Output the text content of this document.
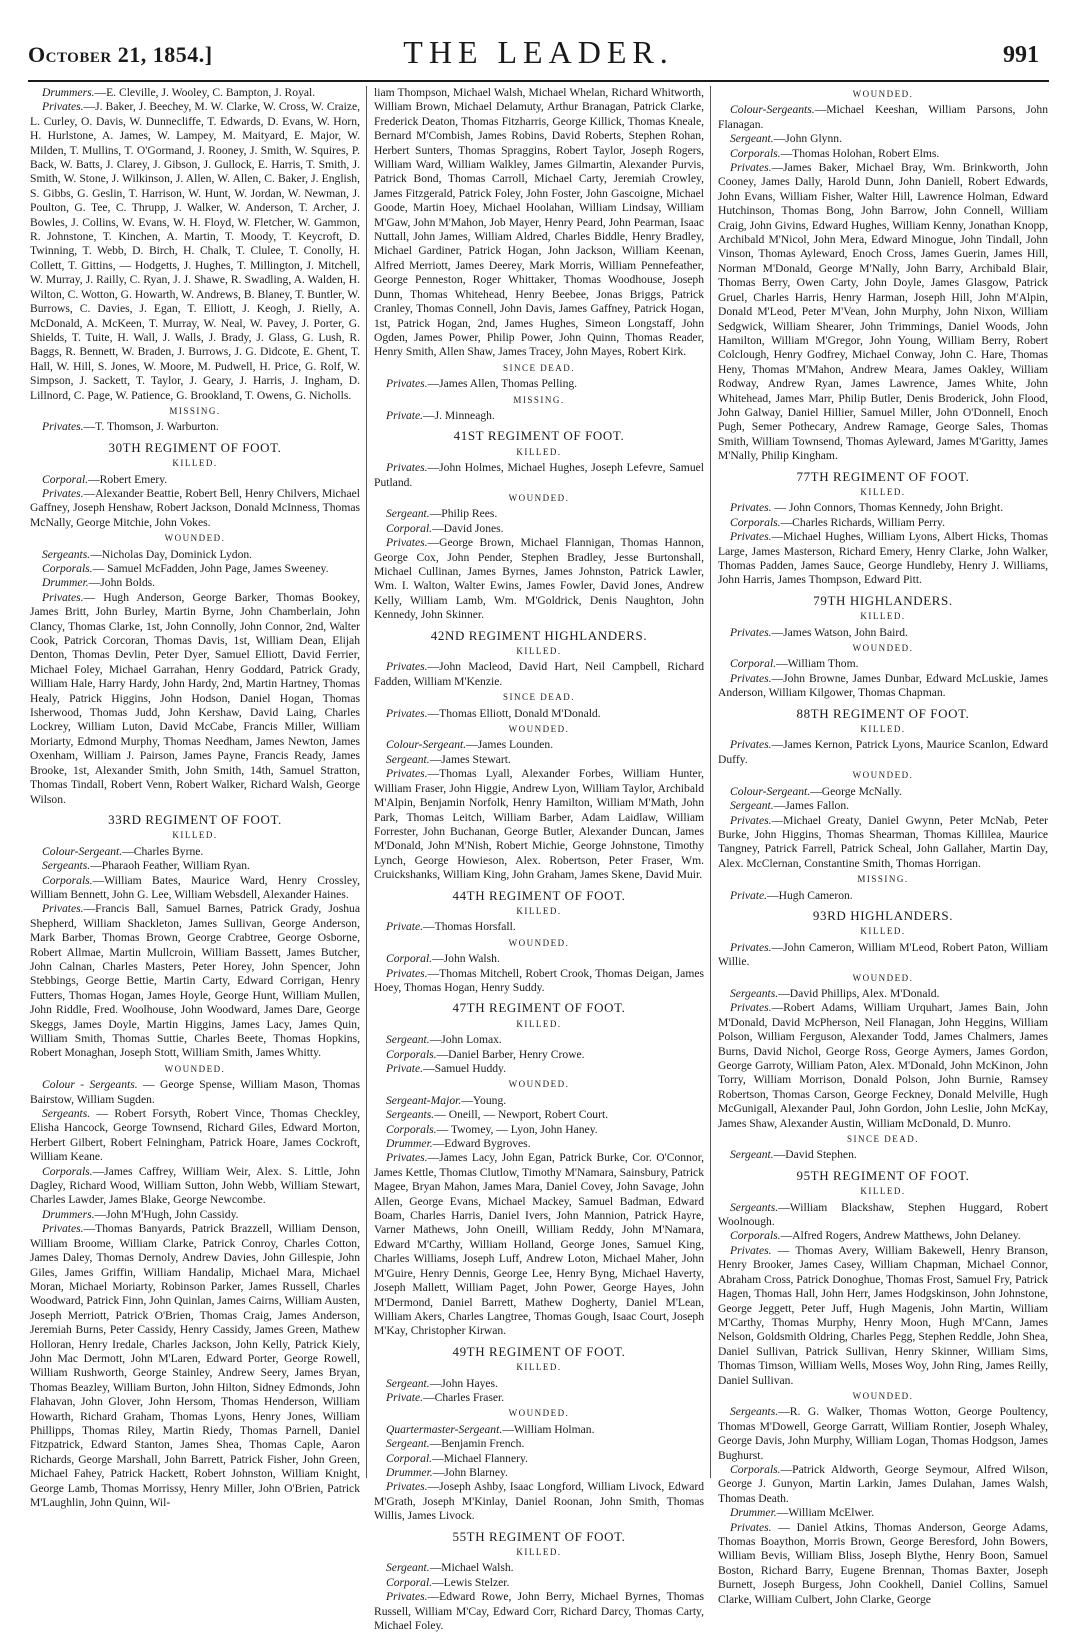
October 21, 1854.]	THE LEADER.	991

Drummers.—E. Cleville, J. Wooley, C. Bampton, J. Royal.

Privates.—J. Baker, J. Beechey, M. W. Clarke, W. Cross, W. Craize, L. Curley, O. Davis, W. Dunnecliffe, T. Edwards, D. Evans, W. Horn, H. Hurlstone, A. James, W. Lampey, M. Maityard, E. Major, W. Milden, T. Mullins, T. O'Gormand, J. Rooney, J. Smith, W. Squires, P. Back, W. Batts, J. Clarey, J. Gibson, J. Gullock, E. Harris, T. Smith, J. Smith, W. Stone, J. Wilkinson, J. Allen, W. Allen, C. Baker, J. English, S. Gibbs, G. Geslin, T. Harrison, W. Hunt, W. Jordan, W. Newman, J. Poulton, G. Tee, C. Thrupp, J. Walker, W. Anderson, T. Archer, J. Bowles, J. Collins, W. Evans, W. H. Floyd, W. Fletcher, W. Gammon, R. Johnstone, T. Kinchen, A. Martin, T. Moody, T. Keycroft, D. Twinning, T. Webb, D. Birch, H. Chalk, T. Clulee, T. Conolly, H. Collett, T. Gittins, — Hodgetts, J. Hughes, T. Millington, J. Mitchell, W. Murray, J. Railly, C. Ryan, J. J. Shawe, R. Swadling, A. Walden, H. Wilton, C. Wotton, G. Howarth, W. Andrews, B. Blaney, T. Buntler, W. Burrows, C. Davies, J. Egan, T. Elliott, J. Keogh, J. Rielly, A. McDonald, A. McKeen, T. Murray, W. Neal, W. Pavey, J. Porter, G. Shields, T. Tuite, H. Wall, J. Walls, J. Brady, J. Glass, G. Lush, R. Baggs, R. Bennett, W. Braden, J. Burrows, J. G. Didcote, E. Ghent, T. Hall, W. Hill, S. Jones, W. Moore, M. Pudwell, H. Price, G. Rolf, W. Simpson, J. Sackett, T. Taylor, J. Geary, J. Harris, J. Ingham, D. Lillnord, C. Page, W. Patience, G. Brookland, T. Owens, G. Nicholls.

MISSING.

Privates.—T. Thomson, J. Warburton.

30TH REGIMENT OF FOOT.
KILLED.

Corporal.—Robert Emery.

Privates.—Alexander Beattie, Robert Bell, Henry Chilvers, Michael Gaffney, Joseph Henshaw, Robert Jackson, Donald McInness, Thomas McNally, George Mitchie, John Vokes.

WOUNDED.

Sergeants.—Nicholas Day, Dominick Lydon.

Corporals.— Samuel McFadden, John Page, James Sweeney.

Drummer.—John Bolds.

Privates.— Hugh Anderson, George Barker, Thomas Bookey, James Britt, John Burley, Martin Byrne, John Chamberlain, John Clancy, Thomas Clarke, 1st, John Connolly, John Connor, 2nd, Walter Cook, Patrick Corcoran, Thomas Davis, 1st, William Dean, Elijah Denton, Thomas Devlin, Peter Dyer, Samuel Elliott, David Ferrier, Michael Foley, Michael Garrahan, Henry Goddard, Patrick Grady, William Hale, Harry Hardy, John Hardy, 2nd, Martin Hartney, Thomas Healy, Patrick Higgins, John Hodson, Daniel Hogan, Thomas Isherwood, Thomas Judd, John Kershaw, David Laing, Charles Lockrey, William Luton, David McCabe, Francis Miller, William Moriarty, Edmond Murphy, Thomas Needham, James Newton, James Oxenham, William J. Pairson, James Payne, Francis Ready, James Brooke, 1st, Alexander Smith, John Smith, 14th, Samuel Stratton, Thomas Tindall, Robert Venn, Robert Walker, Richard Walsh, George Wilson.

33RD REGIMENT OF FOOT.
KILLED.

Colour-Sergeant.—Charles Byrne.

Sergeants.—Pharaoh Feather, William Ryan.

Corporals.—William Bates, Maurice Ward, Henry Crossley, William Bennett, John G. Lee, William Websdell, Alexander Haines.

Privates.—Francis Ball, Samuel Barnes, Patrick Grady, Joshua Shepherd, William Shackleton, James Sullivan, George Anderson, Mark Barber, Thomas Brown, George Crabtree, George Osborne, Robert Allmae, Martin Mullcroin, William Bassett, James Butcher, John Calnan, Charles Masters, Peter Horey, John Spencer, John Stebbings, George Bettie, Martin Carty, Edward Corrigan, Henry Futters, Thomas Hogan, James Hoyle, George Hunt, William Mullen, John Riddle, Fred. Woolhouse, John Woodward, James Dare, George Skeggs, James Doyle, Martin Higgins, James Lacy, James Quin, William Smith, Thomas Suttie, Charles Beete, Thomas Hopkins, Robert Monaghan, Joseph Stott, William Smith, James Whitty.

WOUNDED.

Colour - Sergeants. — George Spense, William Mason, Thomas Bairstow, William Sugden.

Sergeants. — Robert Forsyth, Robert Vince, Thomas Checkley, Elisha Hancock, George Townsend, Richard Giles, Edward Morton, Herbert Gilbert, Robert Felningham, Patrick Hoare, James Cockroft, William Keane.

Corporals.—James Caffrey, William Weir, Alex. S. Little, John Dagley, Richard Wood, William Sutton, John Webb, William Stewart, Charles Lawder, James Blake, George Newcombe.

Drummers.—John M'Hugh, John Cassidy.

Privates.—Thomas Banyards, Patrick Brazzell, William Denson, William Broome, William Clarke, Patrick Conroy, Charles Cotton, James Daley, Thomas Dernoly, Andrew Davies, John Gillespie, John Giles, James Griffin, William Handalip, Michael Mara, Michael Moran, Michael Moriarty, Robinson Parker, James Russell, Charles Woodward, Patrick Finn, John Quinlan, James Cairns, William Austen, Joseph Merriott, Patrick O'Brien, Thomas Craig, James Anderson, Jeremiah Burns, Peter Cassidy, Henry Cassidy, James Green, Mathew Holloran, Henry Iredale, Charles Jackson, John Kelly, Patrick Kiely, John Mac Dermott, John M'Laren, Edward Porter, George Rowell, William Rushworth, George Stainley, Andrew Seery, James Bryan, Thomas Beazley, William Burton, John Hilton, Sidney Edmonds, John Flahavan, John Glover, John Hersom, Thomas Henderson, William Howarth, Richard Graham, Thomas Lyons, Henry Jones, William Phillipps, Thomas Riley, Martin Riedy, Thomas Parnell, Daniel Fitzpatrick, Edward Stanton, James Shea, Thomas Caple, Aaron Richards, George Marshall, John Barrett, Patrick Fisher, John Green, Michael Fahey, Patrick Hackett, Robert Johnston, William Knight, George Lamb, Thomas Morrissy, Henry Miller, John O'Brien, Patrick M'Laughlin, John Quinn, Wil-

liam Thompson, Michael Walsh, Michael Whelan, Richard Whitworth, William Brown, Michael Delamuty, Arthur Branagan, Patrick Clarke, Frederick Deaton, Thomas Fitzharris, George Killick, Thomas Kneale, Bernard M'Combish, James Robins, David Roberts, Stephen Rohan, Herbert Sunters, Thomas Spraggins, Robert Taylor, Joseph Rogers, William Ward, William Walkley, James Gilmartin, Alexander Purvis, Patrick Bond, Thomas Carroll, Michael Carty, Jeremiah Crowley, James Fitzgerald, Patrick Foley, John Foster, John Gascoigne, Michael Goode, Martin Hoey, Michael Hoolahan, William Lindsay, William M'Gaw, John M'Mahon, Job Mayer, Henry Peard, John Pearman, Isaac Nuttall, John James, William Aldred, Charles Biddle, Henry Bradley, Michael Gardiner, Patrick Hogan, John Jackson, William Keenan, Alfred Merriott, James Deerey, Mark Morris, William Pennefeather, George Penneston, Roger Whittaker, Thomas Woodhouse, Joseph Dunn, Thomas Whitehead, Henry Beebee, Jonas Briggs, Patrick Cranley, Thomas Connell, John Davis, James Gaffney, Patrick Hogan, 1st, Patrick Hogan, 2nd, James Hughes, Simeon Longstaff, John Ogden, James Power, Philip Power, John Quinn, Thomas Reader, Henry Smith, Allen Shaw, James Tracey, John Mayes, Robert Kirk.

SINCE DEAD.

Privates.—James Allen, Thomas Pelling.

MISSING.

Private.—J. Minneagh.

41ST REGIMENT OF FOOT.
KILLED.

Privates.—John Holmes, Michael Hughes, Joseph Lefevre, Samuel Putland.

WOUNDED.

Sergeant.—Philip Rees.

Corporal.—David Jones.

Privates.—George Brown, Michael Flannigan, Thomas Hannon, George Cox, John Pender, Stephen Bradley, Jesse Burtonshall, Michael Cullinan, James Byrnes, James Johnston, Patrick Lawler, Wm. I. Walton, Walter Ewins, James Fowler, David Jones, Andrew Kelly, William Lamb, Wm. M'Goldrick, Denis Naughton, John Kennedy, John Skinner.

42ND REGIMENT HIGHLANDERS.
KILLED.

Privates.—John Macleod, David Hart, Neil Campbell, Richard Fadden, William M'Kenzie.

SINCE DEAD.

Privates.—Thomas Elliott, Donald M'Donald.

WOUNDED.

Colour-Sergeant.—James Lounden.

Sergeant.—James Stewart.

Privates.—Thomas Lyall, Alexander Forbes, William Hunter, William Fraser, John Higgie, Andrew Lyon, William Taylor, Archibald M'Alpin, Benjamin Norfolk, Henry Hamilton, William M'Math, John Park, Thomas Leitch, William Barber, Adam Laidlaw, William Forrester, John Buchanan, George Butler, Alexander Duncan, James M'Donald, John M'Nish, Robert Michie, George Johnstone, Timothy Lynch, George Howieson, Alex. Robertson, Peter Fraser, Wm. Cruickshanks, William King, John Graham, James Skene, David Muir.

44TH REGIMENT OF FOOT.
KILLED.

Private.—Thomas Horsfall.

WOUNDED.

Corporal.—John Walsh.

Privates.—Thomas Mitchell, Robert Crook, Thomas Deigan, James Hoey, Thomas Hogan, Henry Suddy.

47TH REGIMENT OF FOOT.
KILLED.

Sergeant.—John Lomax.

Corporals.—Daniel Barber, Henry Crowe.

Private.—Samuel Huddy.

WOUNDED.

Sergeant-Major.—Young.

Sergeants.— Oneill, — Newport, Robert Court.

Corporals.— Twomey, — Lyon, John Haney.

Drummer.—Edward Bygroves.

Privates.—James Lacy, John Egan, Patrick Burke, Cor. O'Connor, James Kettle, Thomas Clutlow, Timothy M'Namara, Sainsbury, Patrick Magee, Bryan Mahon, James Mara, Daniel Covey, John Savage, John Allen, George Evans, Michael Mackey, Samuel Badman, Edward Boam, Charles Harris, Daniel Ivers, John Mannion, Patrick Hayre, Varner Mathews, John Oneill, William Reddy, John M'Namara, Edward M'Carthy, William Holland, George Jones, Samuel King, Charles Williams, Joseph Luff, Andrew Loton, Michael Maher, John M'Guire, Henry Dennis, George Lee, Henry Byng, Michael Haverty, Joseph Mallett, William Paget, John Power, George Hayes, John M'Dermond, Daniel Barrett, Mathew Dogherty, Daniel M'Lean, William Akers, Charles Langtree, Thomas Gough, Isaac Court, Joseph M'Kay, Christopher Kirwan.

49TH REGIMENT OF FOOT.
KILLED.

Sergeant.—John Hayes.

Private.—Charles Fraser.

WOUNDED.

Quartermaster-Sergeant.—William Holman.

Sergeant.—Benjamin French.

Corporal.—Michael Flannery.

Drummer.—John Blarney.

Privates.—Joseph Ashby, Isaac Longford, William Livock, Edward M'Grath, Joseph M'Kinlay, Daniel Roonan, John Smith, Thomas Willis, James Livock.

55TH REGIMENT OF FOOT.
KILLED.

Sergeant.—Michael Walsh.

Corporal.—Lewis Stelzer.

Privates.—Edward Rowe, John Berry, Michael Byrnes, Thomas Russell, William M'Cay, Edward Corr, Richard Darcy, Thomas Carty, Michael Foley.

WOUNDED.

Colour-Sergeants.—Michael Keeshan, William Parsons, John Flanagan.

Sergeant.—John Glynn.

Corporals.—Thomas Holohan, Robert Elms.

Privates.—James Baker, Michael Bray, Wm. Brinkworth, John Cooney, James Dally, Harold Dunn, John Daniell, Robert Edwards, John Evans, William Fisher, Walter Hill, Lawrence Holman, Edward Hutchinson, Thomas Bong, John Barrow, John Connell, William Craig, John Givins, Edward Hughes, William Kenny, Jonathan Knopp, Archibald M'Nicol, John Mera, Edward Minogue, John Tindall, John Vinson, Thomas Ayleward, Enoch Cross, James Guerin, James Hill, Norman M'Donald, George M'Nally, John Barry, Archibald Blair, Thomas Berry, Owen Carty, John Doyle, James Glasgow, Patrick Gruel, Charles Harris, Henry Harman, Joseph Hill, John M'Alpin, Donald M'Leod, Peter M'Vean, John Murphy, John Nixon, William Sedgwick, William Shearer, John Trimmings, Daniel Woods, John Hamilton, William M'Gregor, John Young, William Berry, Robert Colclough, Henry Godfrey, Michael Conway, John C. Hare, Thomas Heny, Thomas M'Mahon, Andrew Meara, James Oakley, William Rodway, Andrew Ryan, James Lawrence, James White, John Whitehead, James Marr, Philip Butler, Denis Broderick, John Flood, John Galway, Daniel Hillier, Samuel Miller, John O'Donnell, Enoch Pugh, Semer Pothecary, Andrew Ramage, George Sales, Thomas Smith, William Townsend, Thomas Ayleward, James M'Garitty, James M'Nally, Philip Kingham.

77TH REGIMENT OF FOOT.
KILLED.

Privates. — John Connors, Thomas Kennedy, John Bright.

Corporals.—Charles Richards, William Perry.

Privates.—Michael Hughes, William Lyons, Albert Hicks, Thomas Large, James Masterson, Richard Emery, Henry Clarke, John Walker, Thomas Padden, James Sauce, George Hundleby, Henry J. Williams, John Harris, James Thompson, Edward Pitt.

79TH HIGHLANDERS.
KILLED.

Privates.—James Watson, John Baird.

WOUNDED.

Corporal.—William Thom.

Privates.—John Browne, James Dunbar, Edward McLuskie, James Anderson, William Kilgower, Thomas Chapman.

88TH REGIMENT OF FOOT.
KILLED.

Privates.—James Kernon, Patrick Lyons, Maurice Scanlon, Edward Duffy.

WOUNDED.

Colour-Sergeant.—George McNally.

Sergeant.—James Fallon.

Privates.—Michael Greaty, Daniel Gwynn, Peter McNab, Peter Burke, John Higgins, Thomas Shearman, Thomas Killilea, Maurice Tangney, Patrick Farrell, Patrick Scheal, John Gallaher, Martin Day, Alex. McClernan, Constantine Smith, Thomas Horrigan.

MISSING.

Private.—Hugh Cameron.

93RD HIGHLANDERS.
KILLED.

Privates.—John Cameron, William M'Leod, Robert Paton, William Willie.

WOUNDED.

Sergeants.—David Phillips, Alex. M'Donald.

Privates.—Robert Adams, William Urquhart, James Bain, John M'Donald, David McPherson, Neil Flanagan, John Heggins, William Polson, William Ferguson, Alexander Todd, James Chalmers, James Burns, David Nichol, George Ross, George Aymers, James Gordon, George Garroty, William Paton, Alex. M'Donald, John McKinon, John Torry, William Morrison, Donald Polson, John Burnie, Ramsey Robertson, Thomas Carson, George Feckney, Donald Melville, Hugh McGunigall, Alexander Paul, John Gordon, John Leslie, John McKay, James Shaw, Alexander Austin, William McDonald, D. Munro.

SINCE DEAD.

Sergeant.—David Stephen.

95TH REGIMENT OF FOOT.
KILLED.

Sergeants.—William Blackshaw, Stephen Huggard, Robert Woolnough.

Corporals.—Alfred Rogers, Andrew Matthews, John Delaney.

Privates. — Thomas Avery, William Bakewell, Henry Branson, Henry Brooker, James Casey, William Chapman, Michael Connor, Abraham Cross, Patrick Donoghue, Thomas Frost, Samuel Fry, Patrick Hagen, Thomas Hall, John Herr, James Hodgskinson, John Johnstone, George Jeggett, Peter Juff, Hugh Magenis, John Martin, William M'Carthy, Thomas Murphy, Henry Moon, Hugh M'Cann, James Nelson, Goldsmith Oldring, Charles Pegg, Stephen Reddle, John Shea, Daniel Sullivan, Patrick Sullivan, Henry Skinner, William Sims, Thomas Timson, William Wells, Moses Woy, John Ring, James Reilly, Daniel Sullivan.

WOUNDED.

Sergeants.—R. G. Walker, Thomas Wotton, George Poultency, Thomas M'Dowell, George Garratt, William Rontier, Joseph Whaley, George Davis, John Murphy, William Logan, Thomas Hodgson, James Bughurst.

Corporals.—Patrick Aldworth, George Seymour, Alfred Wilson, George J. Gunyon, Martin Larkin, James Dulahan, James Walsh, Thomas Death.

Drummer.—William McElwer.

Privates. — Daniel Atkins, Thomas Anderson, George Adams, Thomas Boaython, Morris Brown, George Beresford, John Bowers, William Bevis, William Bliss, Joseph Blythe, Henry Boon, Samuel Boston, Richard Barry, Eugene Brennan, Thomas Baxter, Joseph Burnett, Joseph Burgess, John Cookhell, Daniel Collins, Samuel Clarke, William Culbert, John Clarke, George
